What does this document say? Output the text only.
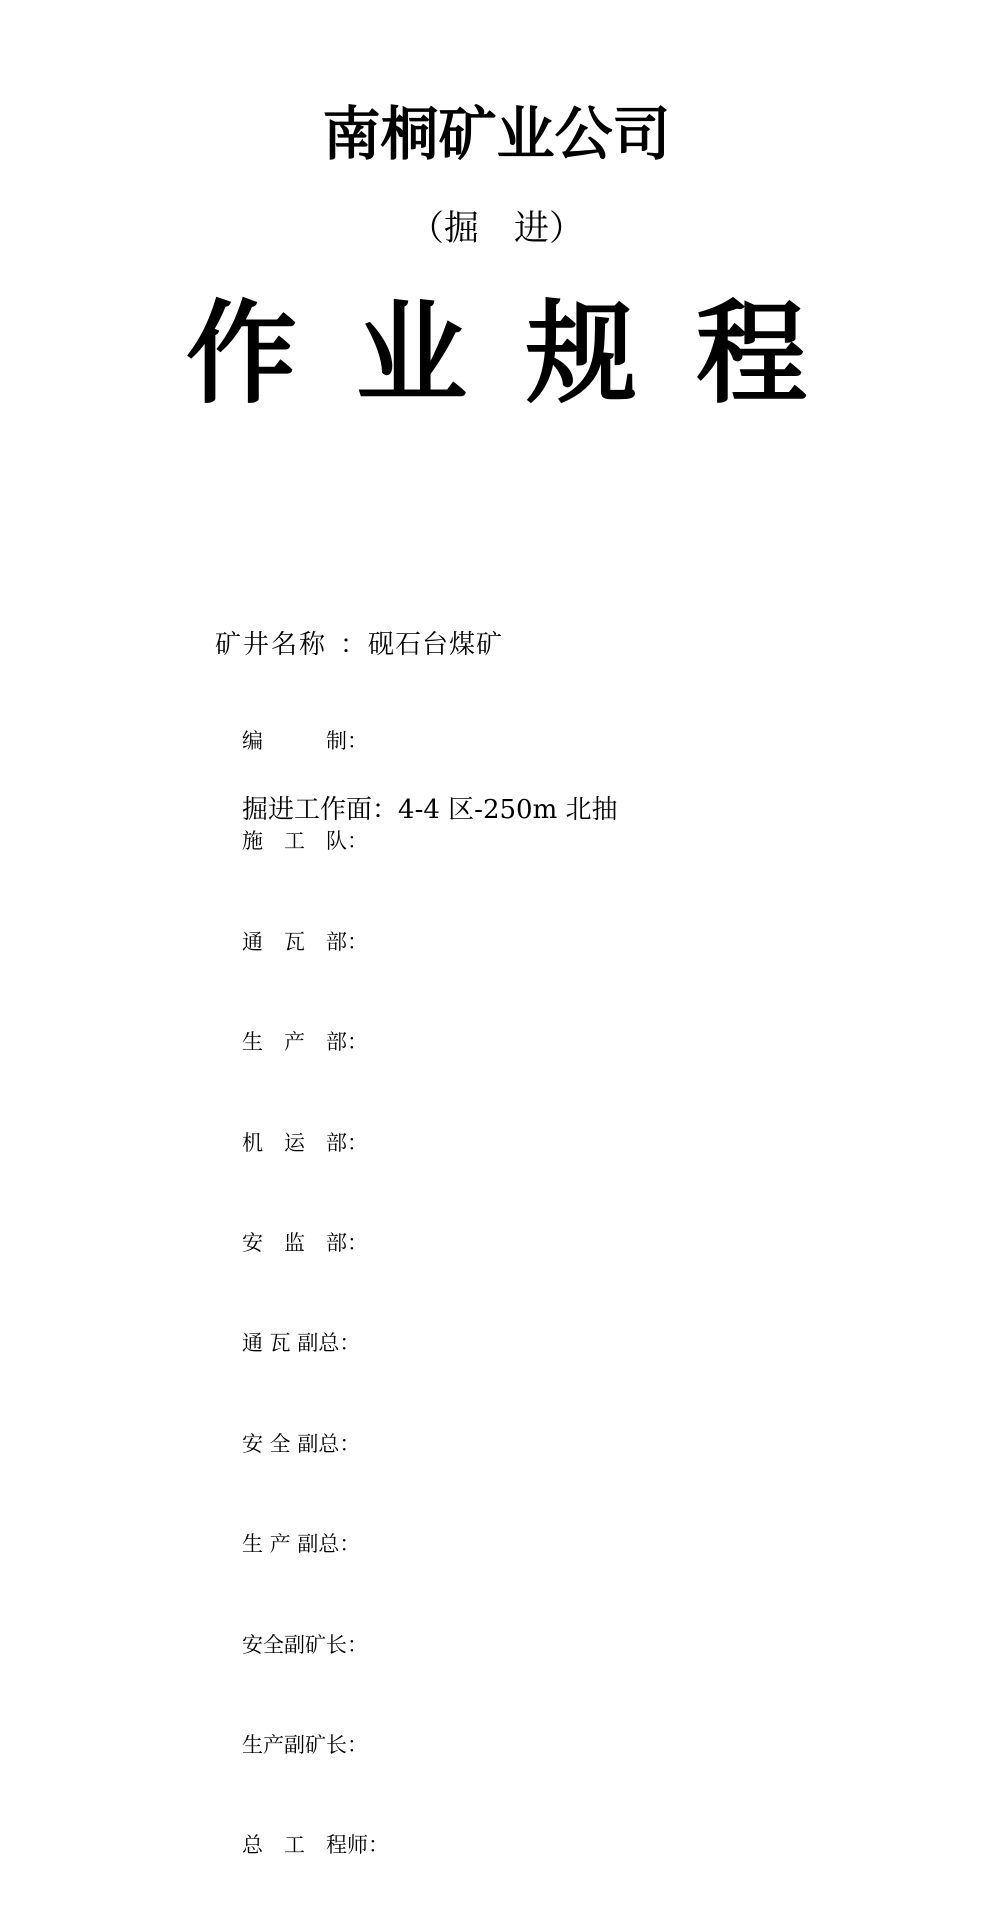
南桐矿业公司
（掘　进）
作业规程

矿井名称 ：砚石台煤矿

掘进工作面：4-4 区-250m 北抽

编　　　制：

施　工　队：

通　瓦　部：

生　产　部：

机　运　部：

安　监　部：

通 瓦 副总：

安 全 副总：

生 产 副总：

安全副矿长：

生产副矿长：

总　工　程师：
